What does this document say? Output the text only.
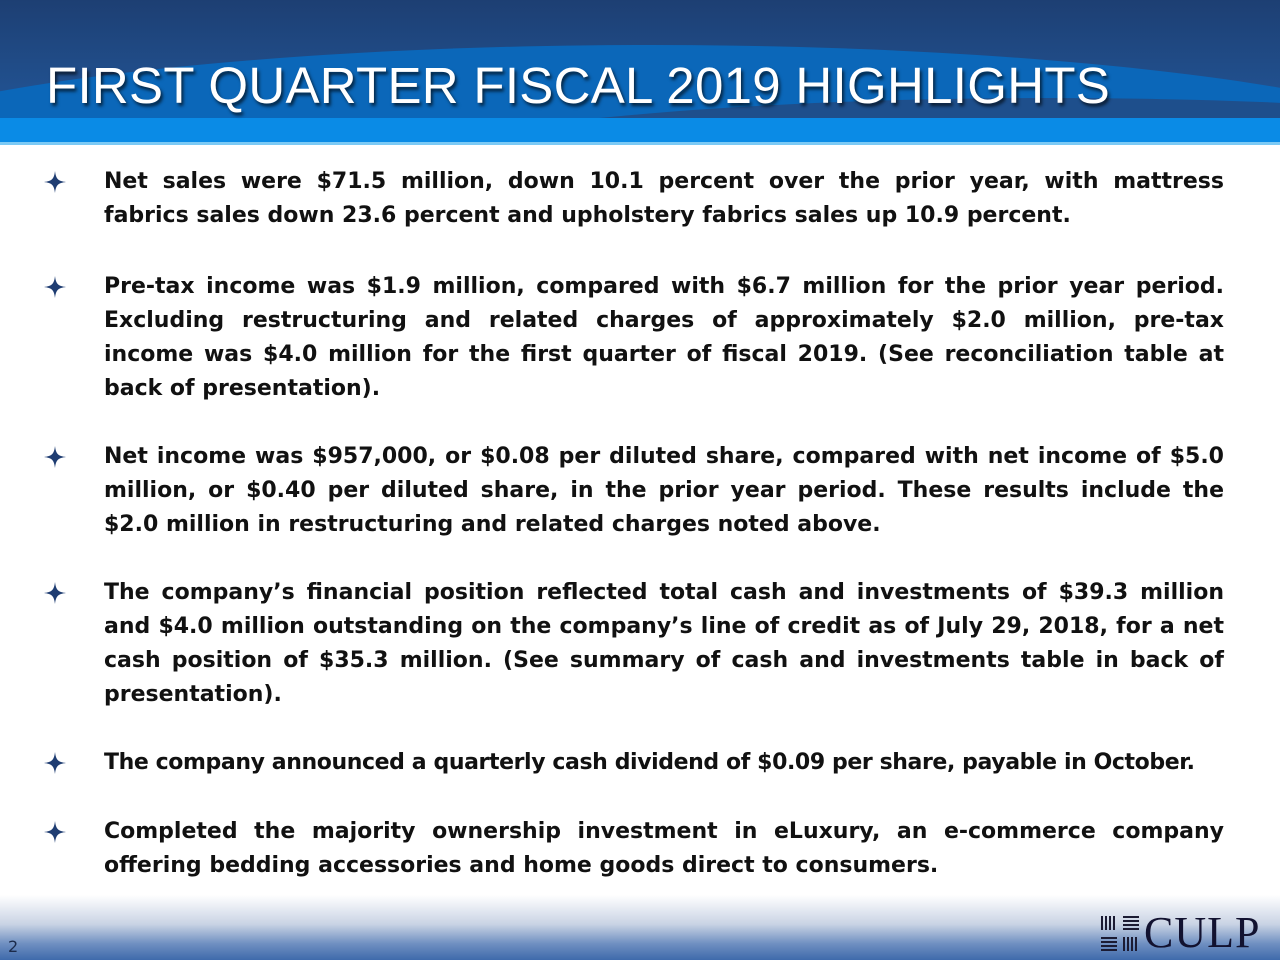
FIRST QUARTER FISCAL 2019 HIGHLIGHTS
Net sales were $71.5 million, down 10.1 percent over the prior year, with mattress fabrics sales down 23.6 percent and upholstery fabrics sales up 10.9 percent.
Pre-tax income was $1.9 million, compared with $6.7 million for the prior year period. Excluding restructuring and related charges of approximately $2.0 million, pre-tax income was $4.0 million for the first quarter of fiscal 2019. (See reconciliation table at back of presentation).
Net income was $957,000, or $0.08 per diluted share, compared with net income of $5.0 million, or $0.40 per diluted share, in the prior year period. These results include the $2.0 million in restructuring and related charges noted above.
The company’s financial position reflected total cash and investments of $39.3 million and $4.0 million outstanding on the company’s line of credit as of July 29, 2018, for a net cash position of $35.3 million. (See summary of cash and investments table in back of presentation).
The company announced a quarterly cash dividend of $0.09 per share, payable in October.
Completed the majority ownership investment in eLuxury, an e-commerce company offering bedding accessories and home goods direct to consumers.
2	CULP
